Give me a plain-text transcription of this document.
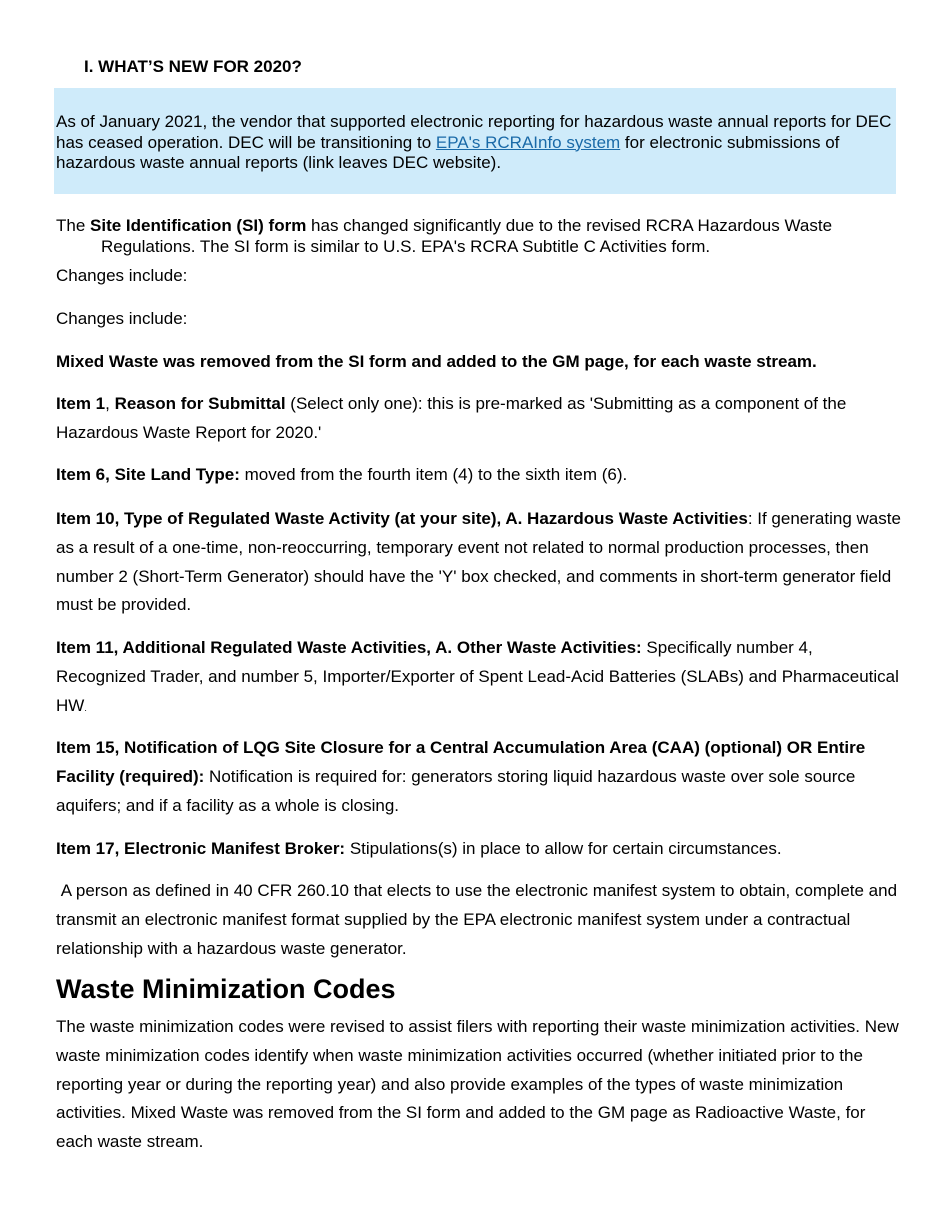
I. WHAT’S NEW FOR 2020?
As of January 2021, the vendor that supported electronic reporting for hazardous waste annual reports for DEC has ceased operation. DEC will be transitioning to EPA's RCRAInfo system for electronic submissions of hazardous waste annual reports (link leaves DEC website).

The Site Identification (SI) form has changed significantly due to the revised RCRA Hazardous Waste Regulations. The SI form is similar to U.S. EPA's RCRA Subtitle C Activities form.

Changes include:

Changes include:

Mixed Waste was removed from the SI form and added to the GM page, for each waste stream.

Item 1, Reason for Submittal (Select only one): this is pre-marked as 'Submitting as a component of the Hazardous Waste Report for 2020.'

Item 6, Site Land Type: moved from the fourth item (4) to the sixth item (6).

Item 10, Type of Regulated Waste Activity (at your site), A. Hazardous Waste Activities: If generating waste as a result of a one-time, non-reoccurring, temporary event not related to normal production processes, then number 2 (Short-Term Generator) should have the 'Y' box checked, and comments in short-term generator field must be provided.

Item 11, Additional Regulated Waste Activities, A. Other Waste Activities: Specifically number 4, Recognized Trader, and number 5, Importer/Exporter of Spent Lead-Acid Batteries (SLABs) and Pharmaceutical HW.

Item 15, Notification of LQG Site Closure for a Central Accumulation Area (CAA) (optional) OR Entire Facility (required): Notification is required for: generators storing liquid hazardous waste over sole source aquifers; and if a facility as a whole is closing.

Item 17, Electronic Manifest Broker: Stipulations(s) in place to allow for certain circumstances.

A person as defined in 40 CFR 260.10 that elects to use the electronic manifest system to obtain, complete and transmit an electronic manifest format supplied by the EPA electronic manifest system under a contractual relationship with a hazardous waste generator.

Waste Minimization Codes

The waste minimization codes were revised to assist filers with reporting their waste minimization activities. New waste minimization codes identify when waste minimization activities occurred (whether initiated prior to the reporting year or during the reporting year) and also provide examples of the types of waste minimization activities. Mixed Waste was removed from the SI form and added to the GM page as Radioactive Waste, for each waste stream.
